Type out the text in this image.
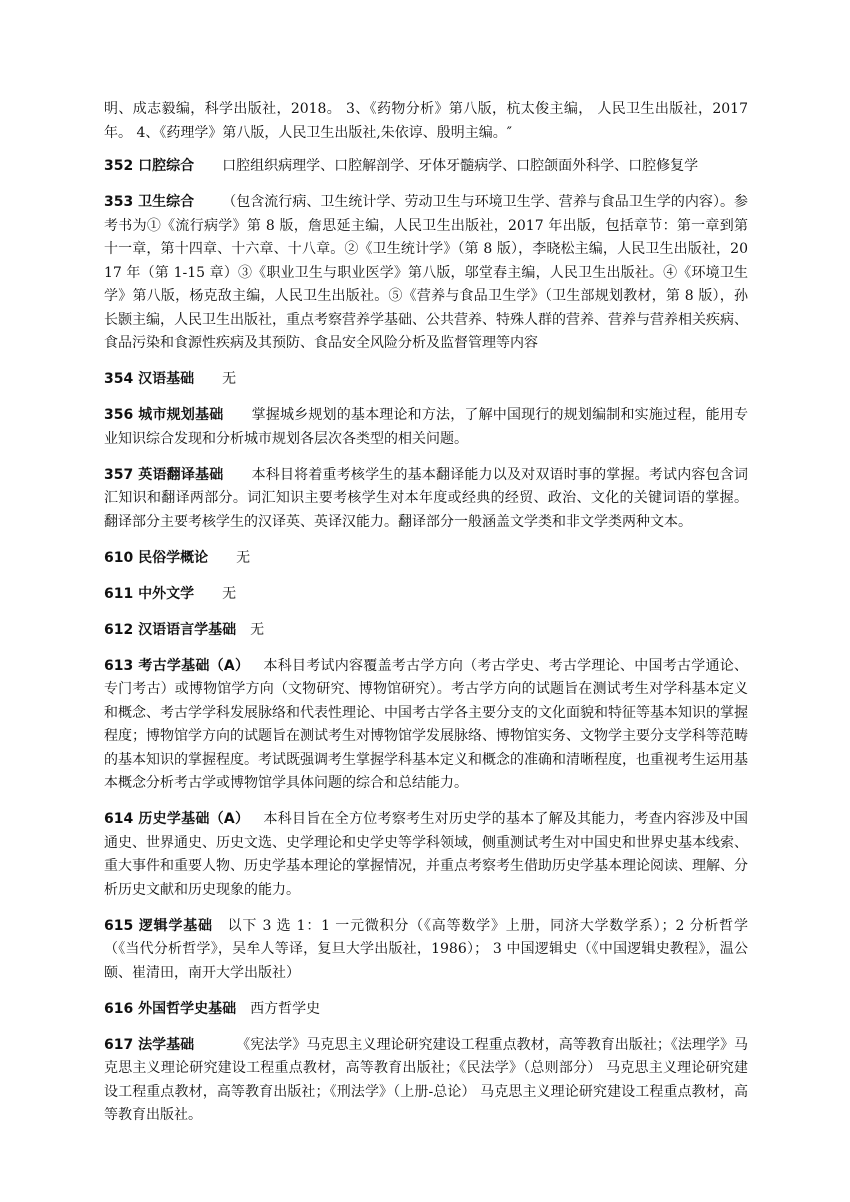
明、成志毅编，科学出版社，2018。 3、《药物分析》第八版，杭太俊主编， 人民卫生出版社，2017年。 4、《药理学》第八版，人民卫生出版社,朱依谆、殷明主编。″

352 口腔综合 口腔组织病理学、口腔解剖学、牙体牙髓病学、口腔颌面外科学、口腔修复学

353 卫生综合 （包含流行病、卫生统计学、劳动卫生与环境卫生学、营养与食品卫生学的内容）。参考书为①《流行病学》第 8 版，詹思延主编，人民卫生出版社，2017 年出版，包括章节：第一章到第十一章，第十四章、十六章、十八章。②《卫生统计学》（第 8 版），李晓松主编，人民卫生出版社，2017 年（第 1-15 章）③《职业卫生与职业医学》第八版，邬堂春主编，人民卫生出版社。④《环境卫生学》第八版，杨克敌主编，人民卫生出版社。⑤《营养与食品卫生学》（卫生部规划教材，第 8 版），孙长颢主编，人民卫生出版社，重点考察营养学基础、公共营养、特殊人群的营养、营养与营养相关疾病、食品污染和食源性疾病及其预防、食品安全风险分析及监督管理等内容

354 汉语基础 无

356 城市规划基础 掌握城乡规划的基本理论和方法，了解中国现行的规划编制和实施过程，能用专业知识综合发现和分析城市规划各层次各类型的相关问题。

357 英语翻译基础 本科目将着重考核学生的基本翻译能力以及对双语时事的掌握。考试内容包含词 汇知识和翻译两部分。词汇知识主要考核学生对本年度或经典的经贸、政治、文化的关键词语的掌握。 翻译部分主要考核学生的汉译英、英译汉能力。翻译部分一般涵盖文学类和非文学类两种文本。

610 民俗学概论 无

611 中外文学 无

612 汉语语言学基础 无

613 考古学基础（A） 本科目考试内容覆盖考古学方向（考古学史、考古学理论、中国考古学通论、专门考古）或博物馆学方向（文物研究、博物馆研究）。考古学方向的试题旨在测试考生对学科基本定义和概念、考古学学科发展脉络和代表性理论、中国考古学各主要分支的文化面貌和特征等基本知识的掌握程度；博物馆学方向的试题旨在测试考生对博物馆学发展脉络、博物馆实务、文物学主要分支学科等范畴的基本知识的掌握程度。考试既强调考生掌握学科基本定义和概念的准确和清晰程度，也重视考生运用基本概念分析考古学或博物馆学具体问题的综合和总结能力。

614 历史学基础（A） 本科目旨在全方位考察考生对历史学的基本了解及其能力，考查内容涉及中国通史、世界通史、历史文选、史学理论和史学史等学科领域，侧重测试考生对中国史和世界史基本线索、重大事件和重要人物、历史学基本理论的掌握情况，并重点考察考生借助历史学基本理论阅读、理解、分析历史文献和历史现象的能力。

615 逻辑学基础 以下 3 选 1：1 一元微积分（《高等数学》上册，同济大学数学系）；2 分析哲学（《当代分析哲学》，吴牟人等译，复旦大学出版社，1986）； 3 中国逻辑史（《中国逻辑史教程》，温公颐、崔清田，南开大学出版社）

616 外国哲学史基础 西方哲学史

617 法学基础	《宪法学》马克思主义理论研究建设工程重点教材，高等教育出版社；《法理学》马克思主义理论研究建设工程重点教材，高等教育出版社；《民法学》（总则部分） 马克思主义理论研究建设工程重点教材，高等教育出版社；《刑法学》（上册-总论） 马克思主义理论研究建设工程重点教材，高等教育出版社。
